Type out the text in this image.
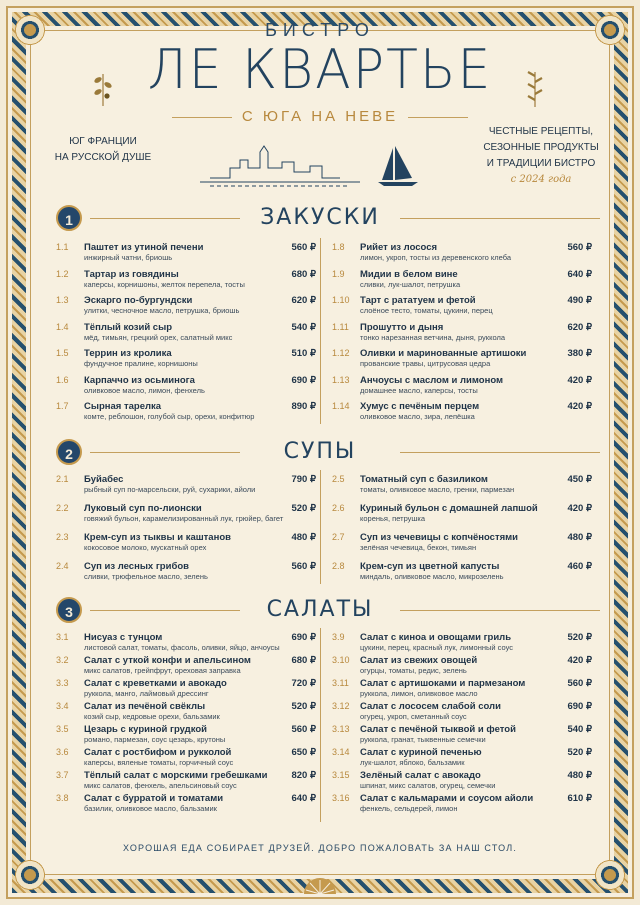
БИСТРО
ЛЕ КВАРТЬЕ
С ЮГА НА НЕВЕ
ЮГ ФРАНЦИИ
НА РУССКОЙ ДУШЕ
ЧЕСТНЫЕ РЕЦЕПТЫ,
СЕЗОННЫЕ ПРОДУКТЫ
И ТРАДИЦИИ БИСТРО
с 2024 года
1	ЗАКУСКИ
1.1 Паштет из утиной печени
инжирный чатни, бриошь
560 ₽
1.2 Тартар из говядины
каперсы, корнишоны, желток перепела, тосты
680 ₽
1.3 Эскарго по-бургундски
улитки, чесночное масло, петрушка, бриошь
620 ₽
1.4 Тёплый козий сыр
мёд, тимьян, грецкий орех, салатный микс
540 ₽
1.5 Террин из кролика
фундучное пралине, корнишоны
510 ₽
1.6 Карпаччо из осьминога
оливковое масло, лимон, фенхель
690 ₽
1.7 Сырная тарелка
комте, реблошон, голубой сыр, орехи, конфитюр
890 ₽
1.8 Рийет из лосося
лимон, укроп, тосты из деревенского клеба
560 ₽
1.9 Мидии в белом вине
сливки, лук-шалот, петрушка
640 ₽
1.10 Тарт с рататуем и фетой
слоёное тесто, томаты, цукини, перец
490 ₽
1.11 Прошутто и дыня
тонко нарезанная ветчина, дыня, руккола
620 ₽
1.12 Оливки и маринованные артишоки
прованские травы, цитрусовая цедра
380 ₽
1.13 Анчоусы с маслом и лимоном
домашнее масло, каперсы, тосты
420 ₽
1.14 Хумус с печёным перцем
оливковое масло, зира, лепёшка
420 ₽
2	СУПЫ
2.1 Буйабес
рыбный суп по-марсельски, руй, сухарики, айоли
790 ₽
2.2 Луковый суп по-лионски
говяжий бульон, карамелизированный лук, грюйер, багет
520 ₽
2.3 Крем-суп из тыквы и каштанов
кокосовое молоко, мускатный орех
480 ₽
2.4 Суп из лесных грибов
сливки, трюфельное масло, зелень
560 ₽
2.5 Томатный суп с базиликом
томаты, оливковое масло, гренки, пармезан
450 ₽
2.6 Куриный бульон с домашней лапшой
коренья, петрушка
420 ₽
2.7 Суп из чечевицы с копчёностями
зелёная чечевица, бекон, тимьян
480 ₽
2.8 Крем-суп из цветной капусты
миндаль, оливковое масло, микрозелень
460 ₽
3	САЛАТЫ
3.1 Нисуаз с тунцом
листовой салат, томаты, фасоль, оливки, яйцо, анчоусы
690 ₽
3.2 Салат с уткой конфи и апельсином
микс салатов, грейпфрут, ореховая заправка
680 ₽
3.3 Салат с креветками и авокадо
руккола, манго, лаймовый дрессинг
720 ₽
3.4 Салат из печёной свёклы
козий сыр, кедровые орехи, бальзамик
520 ₽
3.5 Цезарь с куриной грудкой
романо, пармезан, соус цезарь, крутоны
560 ₽
3.6 Салат с ростбифом и рукколой
каперсы, вяленые томаты, горчичный соус
650 ₽
3.7 Тёплый салат с морскими гребешками
микс салатов, фенхель, апельсиновый соус
820 ₽
3.8 Салат с бурратой и томатами
базилик, оливковое масло, бальзамик
640 ₽
3.9 Салат с киноа и овощами гриль
цукини, перец, красный лук, лимонный соус
520 ₽
3.10 Салат из свежих овощей
огурцы, томаты, редис, зелень
420 ₽
3.11 Салат с артишоками и пармезаном
руккола, лимон, оливковое масло
560 ₽
3.12 Салат с лососем слабой соли
огурец, укроп, сметанный соус
690 ₽
3.13 Салат с печёной тыквой и фетой
руккола, гранат, тыквенные семечки
540 ₽
3.14 Салат с куриной печенью
лук-шалот, яблоко, бальзамик
520 ₽
3.15 Зелёный салат с авокадо
шпинат, микс салатов, огурец, семечки
480 ₽
3.16 Салат с кальмарами и соусом айоли
фенкель, сельдерей, лимон
610 ₽
ХОРОШАЯ ЕДА СОБИРАЕТ ДРУЗЕЙ. ДОБРО ПОЖАЛОВАТЬ ЗА НАШ СТОЛ.
